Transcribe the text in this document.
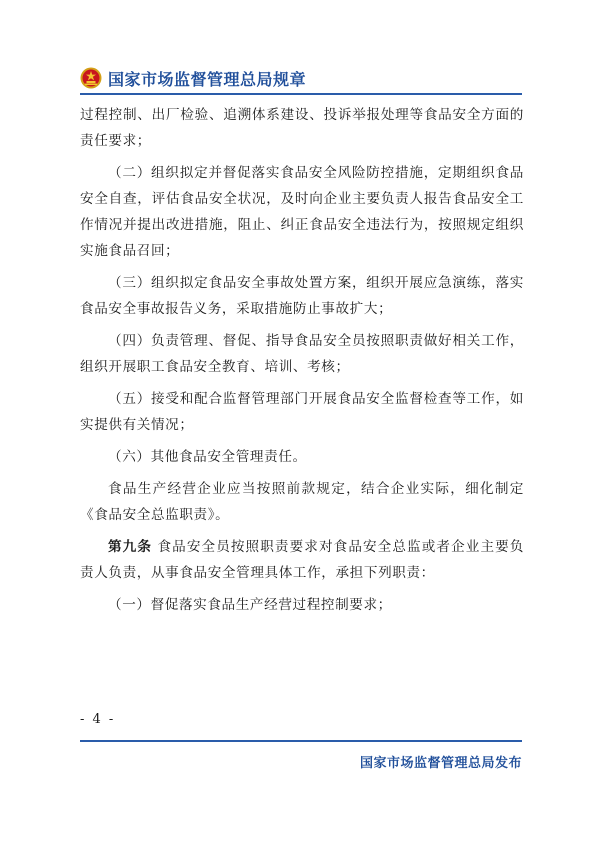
国家市场监督管理总局规章

过程控制、出厂检验、追溯体系建设、投诉举报处理等食品安全方面的责任要求；

（二）组织拟定并督促落实食品安全风险防控措施，定期组织食品安全自查，评估食品安全状况，及时向企业主要负责人报告食品安全工作情况并提出改进措施，阻止、纠正食品安全违法行为，按照规定组织实施食品召回；

（三）组织拟定食品安全事故处置方案，组织开展应急演练，落实食品安全事故报告义务，采取措施防止事故扩大；

（四）负责管理、督促、指导食品安全员按照职责做好相关工作，组织开展职工食品安全教育、培训、考核；

（五）接受和配合监督管理部门开展食品安全监督检查等工作，如实提供有关情况；

（六）其他食品安全管理责任。

食品生产经营企业应当按照前款规定，结合企业实际，细化制定《食品安全总监职责》。

第九条 食品安全员按照职责要求对食品安全总监或者企业主要负责人负责，从事食品安全管理具体工作，承担下列职责：

（一）督促落实食品生产经营过程控制要求；

- 4 -
国家市场监督管理总局发布
